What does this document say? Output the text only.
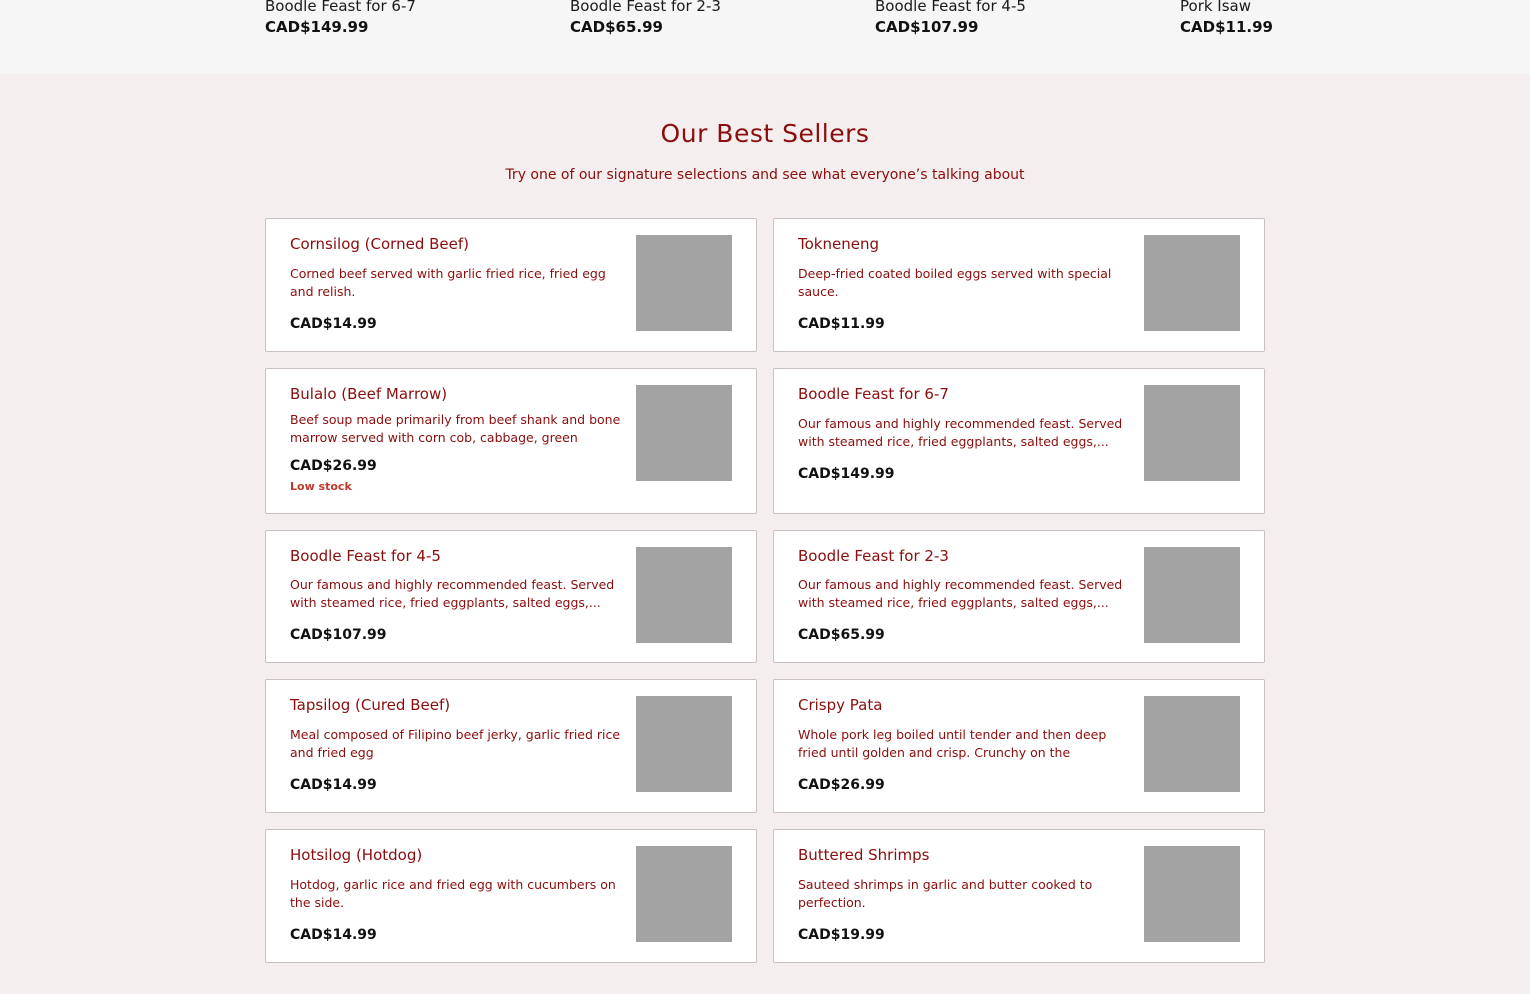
Boodle Feast for 6-7
CAD$149.99
Boodle Feast for 2-3
CAD$65.99
Boodle Feast for 4-5
CAD$107.99
Pork Isaw
CAD$11.99
Our Best Sellers
Try one of our signature selections and see what everyone’s talking about
Cornsilog (Corned Beef)
Corned beef served with garlic fried rice, fried egg
and relish.
CAD$14.99
Tokneneng
Deep-fried coated boiled eggs served with special
sauce.
CAD$11.99
Bulalo (Beef Marrow)
Beef soup made primarily from beef shank and bone
marrow served with corn cob, cabbage, green
CAD$26.99
Low stock
Boodle Feast for 6-7
Our famous and highly recommended feast. Served
with steamed rice, fried eggplants, salted eggs,...
CAD$149.99
Boodle Feast for 4-5
Our famous and highly recommended feast. Served
with steamed rice, fried eggplants, salted eggs,...
CAD$107.99
Boodle Feast for 2-3
Our famous and highly recommended feast. Served
with steamed rice, fried eggplants, salted eggs,...
CAD$65.99
Tapsilog (Cured Beef)
Meal composed of Filipino beef jerky, garlic fried rice
and fried egg
CAD$14.99
Crispy Pata
Whole pork leg boiled until tender and then deep
fried until golden and crisp. Crunchy on the
CAD$26.99
Hotsilog (Hotdog)
Hotdog, garlic rice and fried egg with cucumbers on
the side.
CAD$14.99
Buttered Shrimps
Sauteed shrimps in garlic and butter cooked to
perfection.
CAD$19.99
